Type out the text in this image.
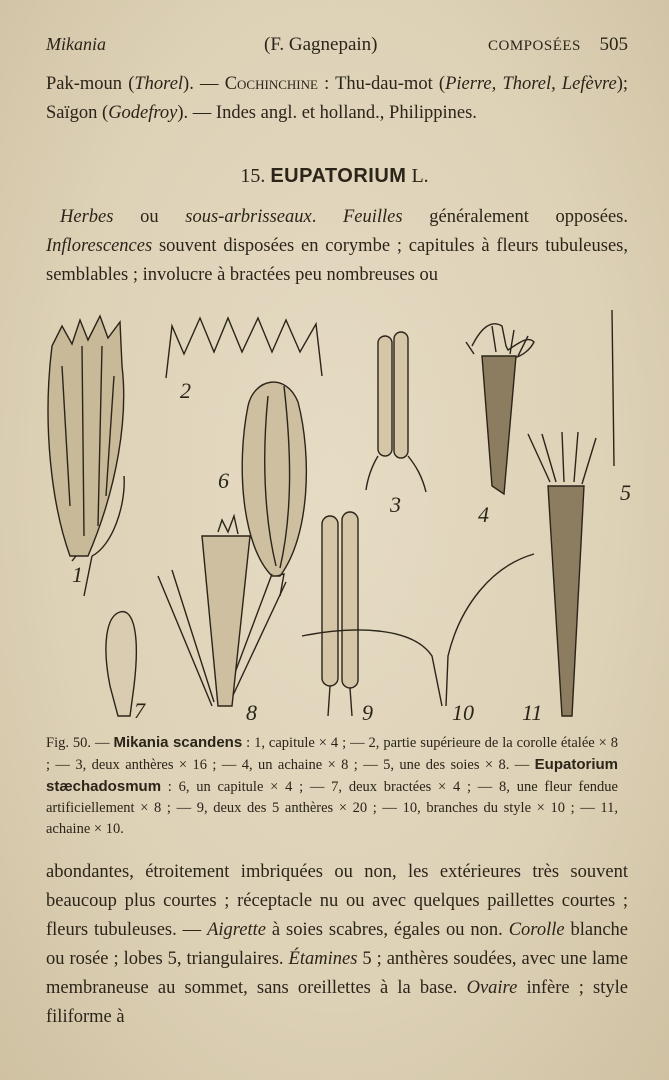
Mikania	(F. Gagnepain)	COMPOSÉES 505

Pak-moun (Thorel). — Cochinchine : Thu-dau-mot (Pierre, Thorel, Lefèvre); Saïgon (Godefroy). — Indes angl. et holland., Philippines.

15. EUPATORIUM L.

Herbes ou sous-arbrisseaux. Feuilles généralement opposées. Inflorescences souvent disposées en corymbe ; capitules à fleurs tubuleuses, semblables ; involucre à bractées peu nombreuses ou

1
2
3	4
5
6
7	8	9	10 11

Fig. 50. — Mikania scandens : 1, capitule × 4 ; — 2, partie supérieure de la corolle étalée × 8 ; — 3, deux anthères × 16 ; — 4, un achaine × 8 ; — 5, une des soies × 8. — Eupatorium stæchadosmum : 6, un capitule × 4 ; — 7, deux bractées × 4 ; — 8, une fleur fendue artificiellement × 8 ; — 9, deux des 5 anthères × 20 ; — 10, branches du style × 10 ; — 11, achaine × 10.

abondantes, étroitement imbriquées ou non, les extérieures très souvent beaucoup plus courtes ; réceptacle nu ou avec quelques paillettes courtes ; fleurs tubuleuses. — Aigrette à soies scabres, égales ou non. Corolle blanche ou rosée ; lobes 5, triangulaires. Étamines 5 ; anthères soudées, avec une lame membraneuse au sommet, sans oreillettes à la base. Ovaire infère ; style filiforme à
